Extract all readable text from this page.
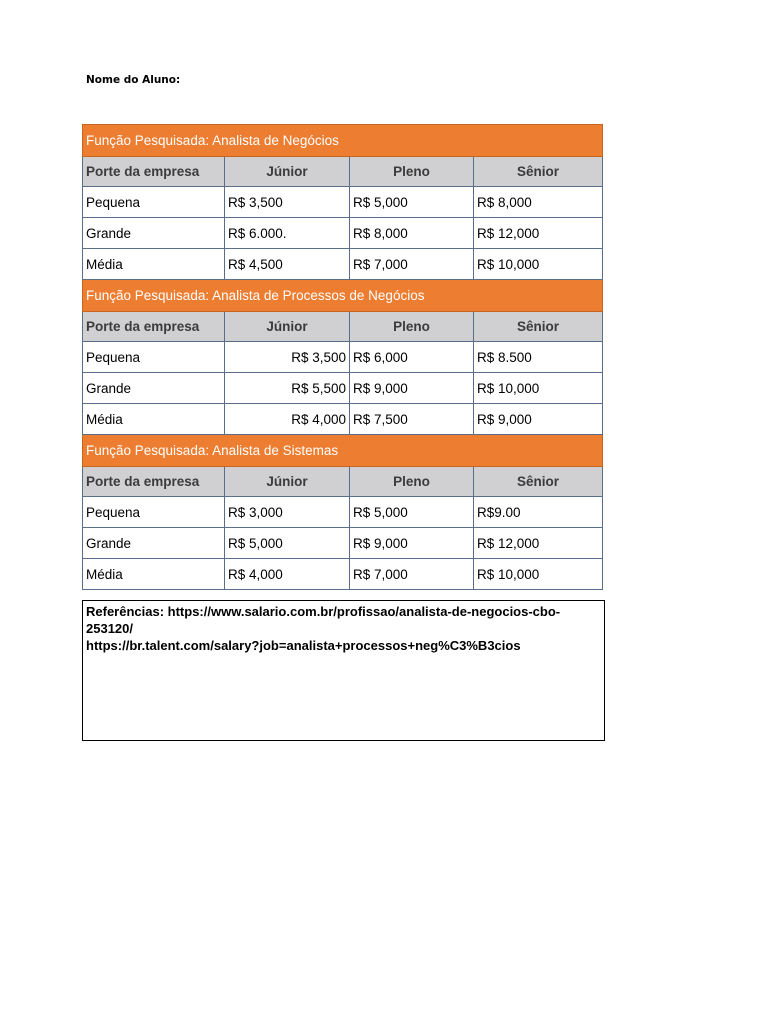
Nome do Aluno:
Função Pesquisada: Analista de Negócios			
Porte da empresa	Júnior	Pleno	Sênior
Pequena	R$ 3,500	R$ 5,000	R$ 8,000
Grande	R$ 6.000.	R$ 8,000	R$ 12,000
Média	R$ 4,500	R$ 7,000	R$ 10,000
Função Pesquisada: Analista de Processos de Negócios			
Porte da empresa	Júnior	Pleno	Sênior
Pequena	R$ 3,500	R$ 6,000	R$ 8.500
Grande	R$ 5,500	R$ 9,000	R$ 10,000
Média	R$ 4,000	R$ 7,500	R$ 9,000
Função Pesquisada: Analista de Sistemas			
Porte da empresa	Júnior	Pleno	Sênior
Pequena	R$ 3,000	R$ 5,000	R$9.00
Grande	R$ 5,000	R$ 9,000	R$ 12,000
Média	R$ 4,000	R$ 7,000	R$ 10,000
Referências: https://www.salario.com.br/profissao/analista-de-negocios-cbo-
253120/
https://br.talent.com/salary?job=analista+processos+neg%C3%B3cios
